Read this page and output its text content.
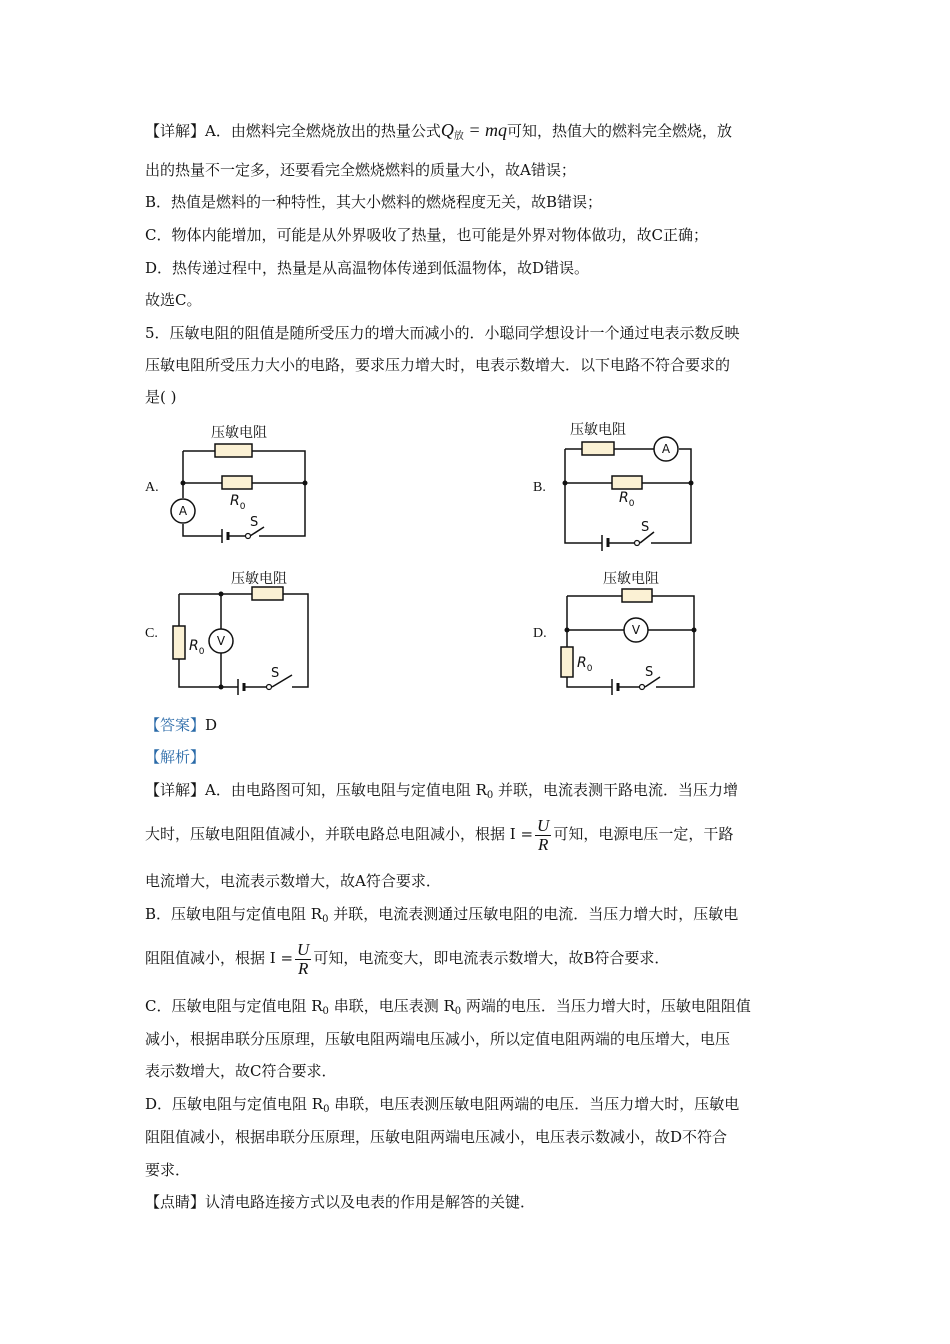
【详解】A．由燃料完全燃烧放出的热量公式$Q_放$ = mq可知，热值大的燃料完全燃烧，放
出的热量不一定多，还要看完全燃烧燃料的质量大小，故A错误；
B．热值是燃料的一种特性，其大小燃料的燃烧程度无关，故B错误；
C．物体内能增加，可能是从外界吸收了热量，也可能是外界对物体做功，故C正确；
D．热传递过程中，热量是从高温物体传递到低温物体，故D错误。
故选C。
5．压敏电阻的阻值是随所受压力的增大而减小的．小聪同学想设计一个通过电表示数反映
压敏电阻所受压力大小的电路，要求压力增大时，电表示数增大．以下电路不符合要求的
是( )
A.	B.
C.	D.
压敏电阻	压敏电阻
压敏电阻	压敏电阻
A
A
V
V
S	S
S	S
$R_0$
$R_0$
$R_0$
$R_0$
【答案】D
【解析】
【详解】A．由电路图可知，压敏电阻与定值电阻 $R_0$ 并联，电流表测干路电流．当压力增
大时，压敏电阻阻值减小，并联电路总电阻减小，根据 $I = \frac{U}{R}$ 可知，电源电压一定，干路
电流增大，电流表示数增大，故A符合要求．
B．压敏电阻与定值电阻 $R_0$ 并联，电流表测通过压敏电阻的电流．当压力增大时，压敏电
阻阻值减小，根据 $I = \frac{U}{R}$ 可知，电流变大，即电流表示数增大，故B符合要求．
C．压敏电阻与定值电阻 $R_0$ 串联，电压表测 $R_0$ 两端的电压．当压力增大时，压敏电阻阻值
减小，根据串联分压原理，压敏电阻两端电压减小，所以定值电阻两端的电压增大，电压
表示数增大，故C符合要求．
D．压敏电阻与定值电阻 $R_0$ 串联，电压表测压敏电阻两端的电压．当压力增大时，压敏电
阻阻值减小，根据串联分压原理，压敏电阻两端电压减小，电压表示数减小，故D不符合
要求．
【点睛】认清电路连接方式以及电表的作用是解答的关键．
